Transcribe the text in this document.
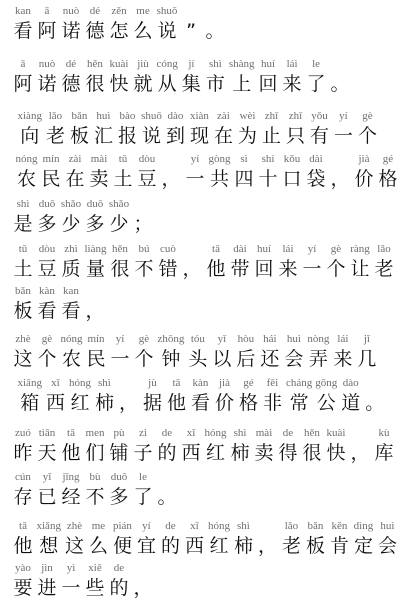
kan
看
ā
阿
nuò
诺
dé
德
zěn
怎
me
么
shuō
说 ” 。
ā
阿
nuò
诺
dé
德
hěn
很
kuài
快
jiù
就
cóng
从
jí
集
shì
市
shàng
上
huí
回
lái
来
le
了 。
xiàng
向
lǎo
老
bǎn
板
huì
汇
bào
报
shuō
说
dào
到
xiàn
现
zài
在
wèi
为
zhǐ
止
zhǐ
只
yǒu
有
yí
一
gè
个
nóng
农
mín
民
zài
在
mài
卖
tǔ
土
dòu
豆 ，
yí
一
gòng
共
sì
四
shí
十
kǒu
口
dài
袋 ，
jià
价
gé
格
shì
是
duō
多
shǎo
少
duō
多
shǎo
少 ；
tǔ
土
dòu
豆
zhì
质
liàng
量
hěn
很
bú
不
cuò
错 ，
tā
他
dài
带
huí
回
lái
来
yí
一
gè
个
ràng
让
lǎo
老
bǎn
板
kàn
看
kan
看 ，
zhè
这
gè
个
nóng
农
mín
民
yí
一
gè
个
zhōng
钟
tóu
头
yǐ
以
hòu
后
hái
还
huì
会
nòng
弄
lái
来
jǐ
几
xiāng
箱
xī
西
hóng
红
shì
柿 ，
jù
据
tā
他
kàn
看
jià
价
gé
格
fēi
非
cháng
常
gōng
公
dào
道 。
zuó
昨
tiān
天
tā
他
men
们
pù
铺
zi
子
de
的
xī
西
hóng
红
shì
柿
mài
卖
de
得
hěn
很
kuài
快 ，
kù
库
cún
存
yǐ
已
jīng
经
bù
不
duō
多
le
了 。
tā
他
xiǎng
想
zhè
这
me
么
pián
便
yí
宜
de
的
xī
西
hóng
红
shì
柿 ，
lǎo
老
bǎn
板
kěn
肯
dìng
定
huì
会
yào
要
jìn
进
yì
一
xiē
些
de
的 ，
